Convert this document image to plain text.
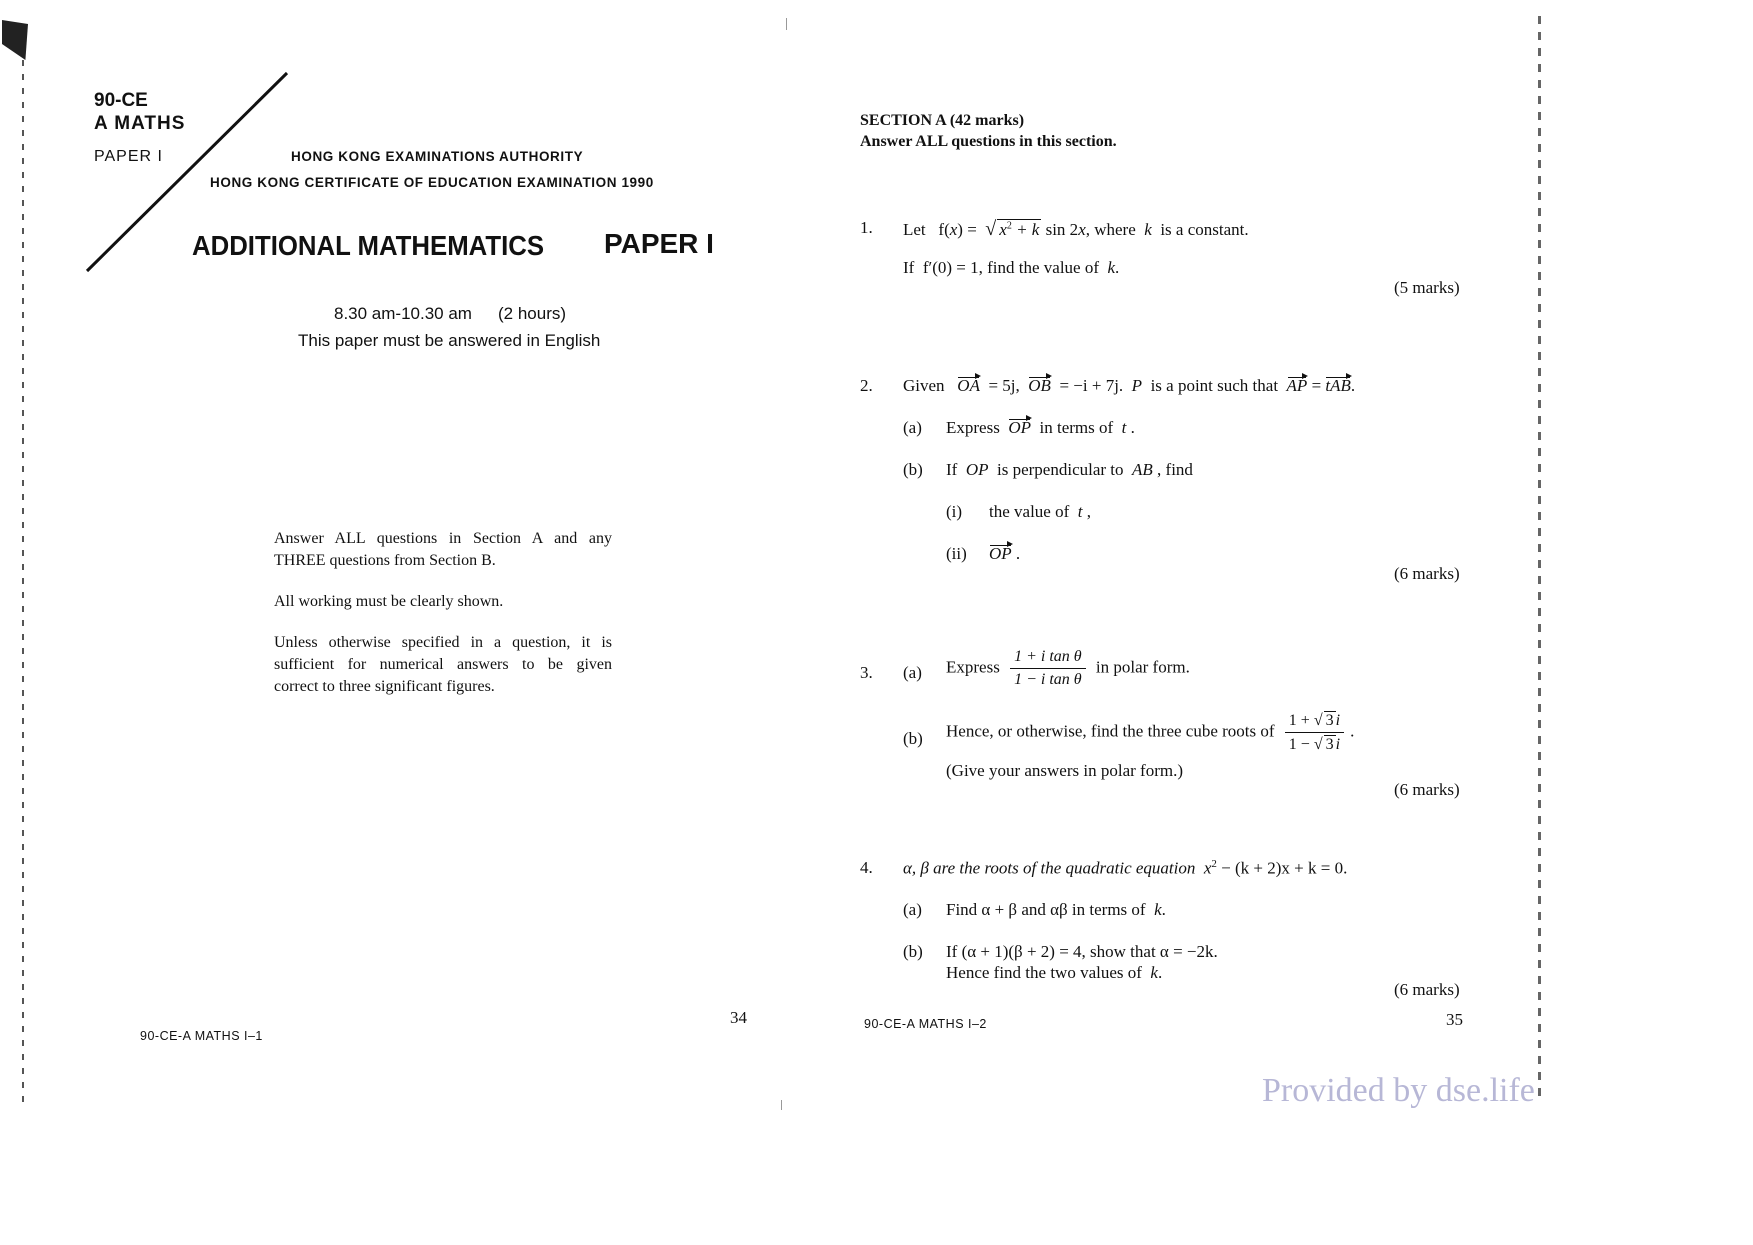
90-CE
A MATHS
PAPER I	HONG KONG EXAMINATIONS AUTHORITY
HONG KONG CERTIFICATE OF EDUCATION EXAMINATION 1990
ADDITIONAL MATHEMATICS PAPER I
8.30 am-10.30 am (2 hours)
This paper must be answered in English
Answer ALL questions in Section A and any
THREE questions from Section B.
All working must be clearly shown.
Unless otherwise specified in a question, it is
sufficient for numerical answers to be given
correct to three significant figures.
90-CE-A MATHS I–1
34
SECTION A (42 marks)
Answer ALL questions in this section.
1. Let f(x) = √ $x^2 + k$ sin 2x, where k is a constant.
If f′(0) = 1, find the value of k.
(5 marks)
2. Given OA = 5j, OB = −i + 7j. P is a point such that AP = tAB.
(a) Express OP in terms of t .
(b) If OP is perpendicular to AB , find
(i) the value of t ,
(ii) OP .
(6 marks)
3. (a) Express $\frac{\text{1 + i tan θ}}{\text{1 − i tan θ}}$ in polar form.
(b) Hence, or otherwise, find the three cube roots of $\frac{1 + √ 3 i}{1 - √ 3 i}$ .
(Give your answers in polar form.)
(6 marks)
4. α, β are the roots of the quadratic equation $x^2 - (k + 2)x + k = 0$.
(a) Find α + β and αβ in terms of k.
(b) If (α + 1)(β + 2) = 4, show that α = −2k.
Hence find the two values of k.
(6 marks)
90-CE-A MATHS I–2	35
Provided by dse.life
